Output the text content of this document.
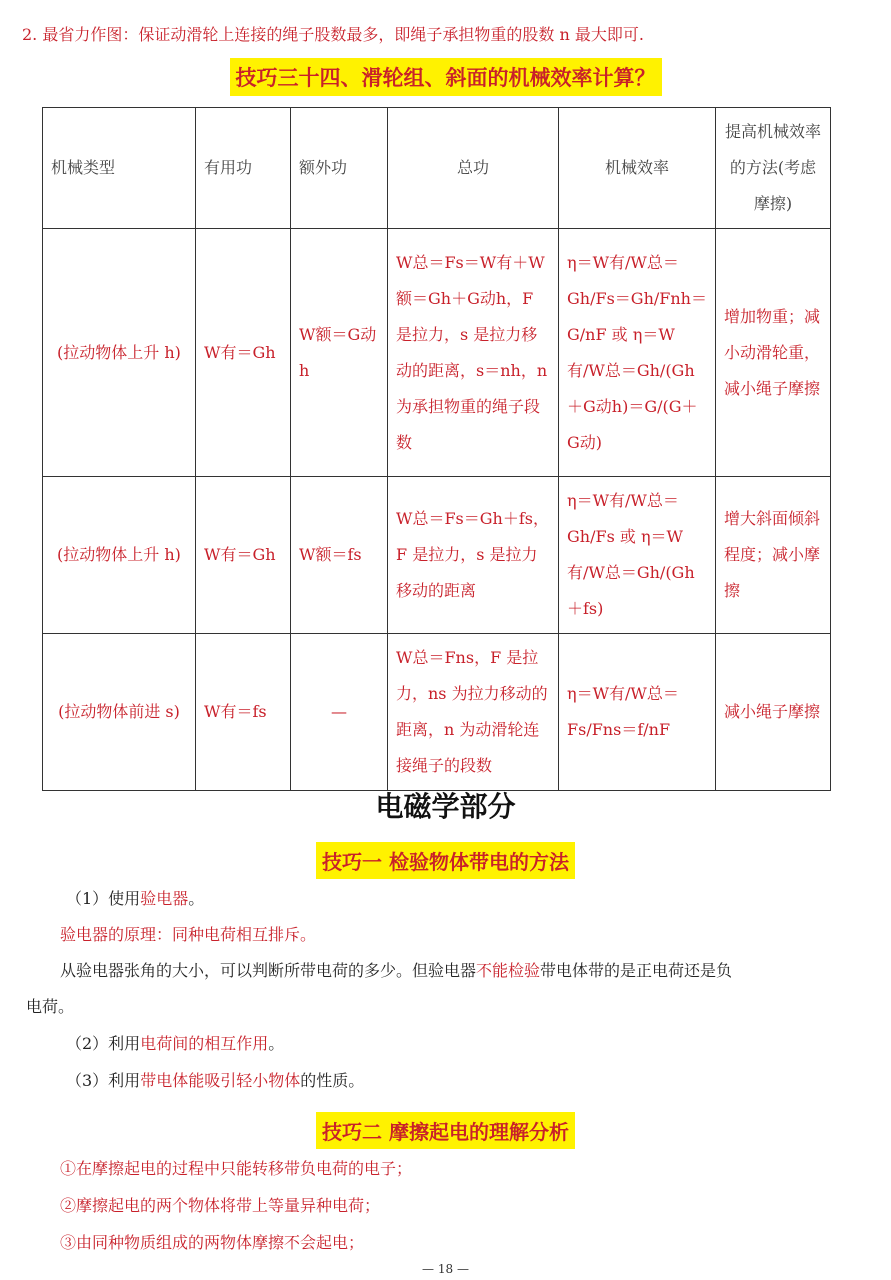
2. 最省力作图：保证动滑轮上连接的绳子股数最多，即绳子承担物重的股数 n 最大即可.
技巧三十四、滑轮组、斜面的机械效率计算？
机械类型	有用功	额外功	总功	机械效率	提高机械效率的方法(考虑摩擦)
(拉动物体上升 h)	W有＝Gh	W额＝G动h	W总＝Fs＝W有＋W额＝Gh＋G动h，F 是拉力，s 是拉力移动的距离，s＝nh，n 为承担物重的绳子段数	η＝W有/W总＝Gh/Fs＝Gh/Fnh＝G/nF 或 η＝W有/W总＝Gh/(Gh＋G动h)＝G/(G＋G动)	增加物重；减小动滑轮重，减小绳子摩擦
(拉动物体上升 h)	W有＝Gh	W额＝fs	W总＝Fs＝Gh＋fs，F 是拉力，s 是拉力移动的距离	η＝W有/W总＝Gh/Fs 或 η＝W有/W总＝Gh/(Gh＋fs)	增大斜面倾斜程度；减小摩擦
(拉动物体前进 s)	W有＝fs	—	W总＝Fns，F 是拉力，ns 为拉力移动的距离，n 为动滑轮连接绳子的段数	η＝W有/W总＝Fs/Fns＝f/nF	减小绳子摩擦
电磁学部分
技巧一 检验物体带电的方法
（1）使用验电器。
验电器的原理：同种电荷相互排斥。
从验电器张角的大小，可以判断所带电荷的多少。但验电器不能检验带电体带的是正电荷还是负
电荷。
（2）利用电荷间的相互作用。
（3）利用带电体能吸引轻小物体的性质。
技巧二 摩擦起电的理解分析
①在摩擦起电的过程中只能转移带负电荷的电子；
②摩擦起电的两个物体将带上等量异种电荷；
③由同种物质组成的两物体摩擦不会起电；
— 18 —
